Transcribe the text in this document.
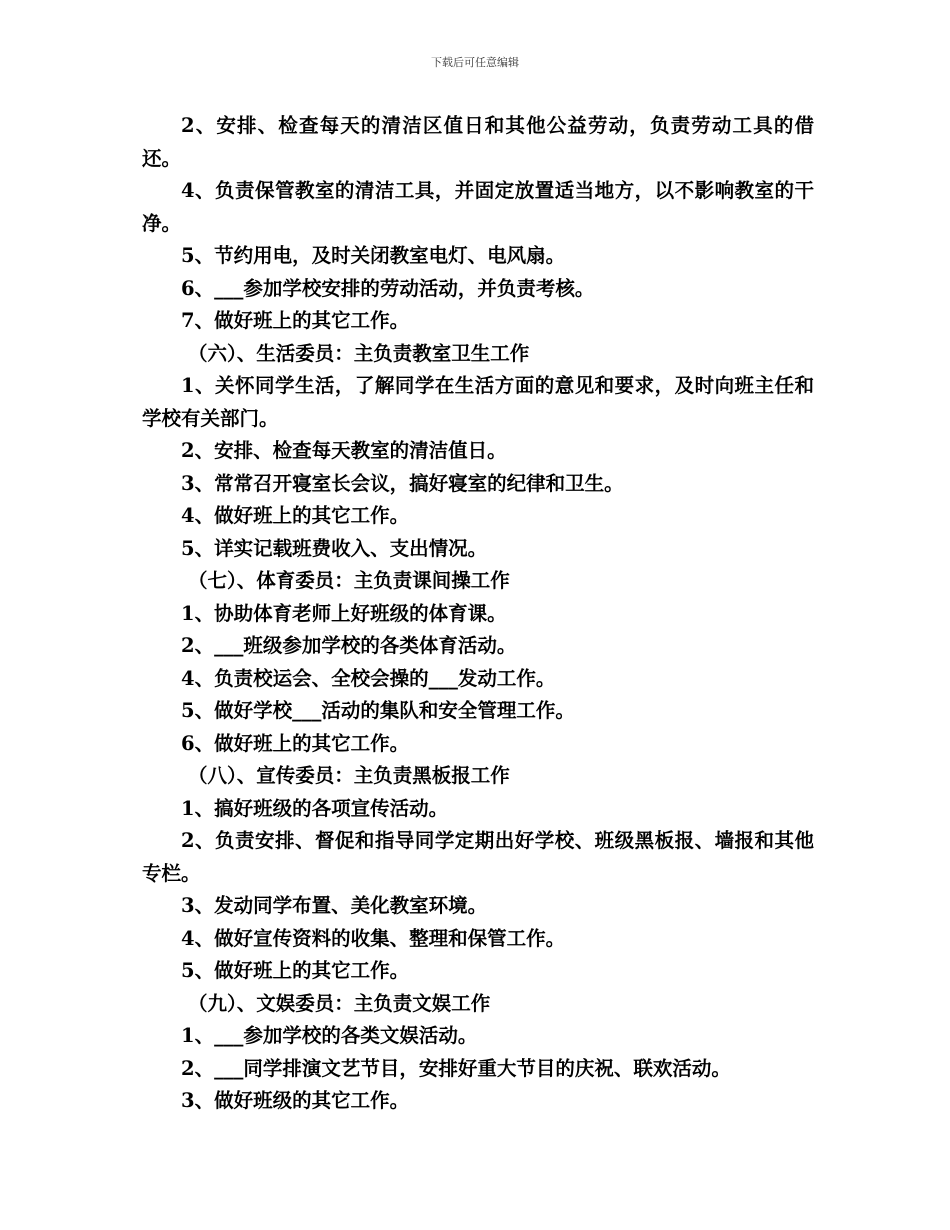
下载后可任意编辑

2、安排、检查每天的清洁区值日和其他公益劳动，负责劳动工具的借还。

4、负责保管教室的清洁工具，并固定放置适当地方，以不影响教室的干净。

5、节约用电，及时关闭教室电灯、电风扇。

6、___参加学校安排的劳动活动，并负责考核。

7、做好班上的其它工作。

（六）、生活委员：主负责教室卫生工作

1、关怀同学生活，了解同学在生活方面的意见和要求，及时向班主任和学校有关部门。

2、安排、检查每天教室的清洁值日。

3、常常召开寝室长会议，搞好寝室的纪律和卫生。

4、做好班上的其它工作。

5、详实记载班费收入、支出情况。

（七）、体育委员：主负责课间操工作

1、协助体育老师上好班级的体育课。

2、___班级参加学校的各类体育活动。

4、负责校运会、全校会操的___发动工作。

5、做好学校___活动的集队和安全管理工作。

6、做好班上的其它工作。

（八）、宣传委员：主负责黑板报工作

1、搞好班级的各项宣传活动。

2、负责安排、督促和指导同学定期出好学校、班级黑板报、墙报和其他专栏。

3、发动同学布置、美化教室环境。

4、做好宣传资料的收集、整理和保管工作。

5、做好班上的其它工作。

（九）、文娱委员：主负责文娱工作

1、___参加学校的各类文娱活动。

2、___同学排演文艺节目，安排好重大节目的庆祝、联欢活动。

3、做好班级的其它工作。
